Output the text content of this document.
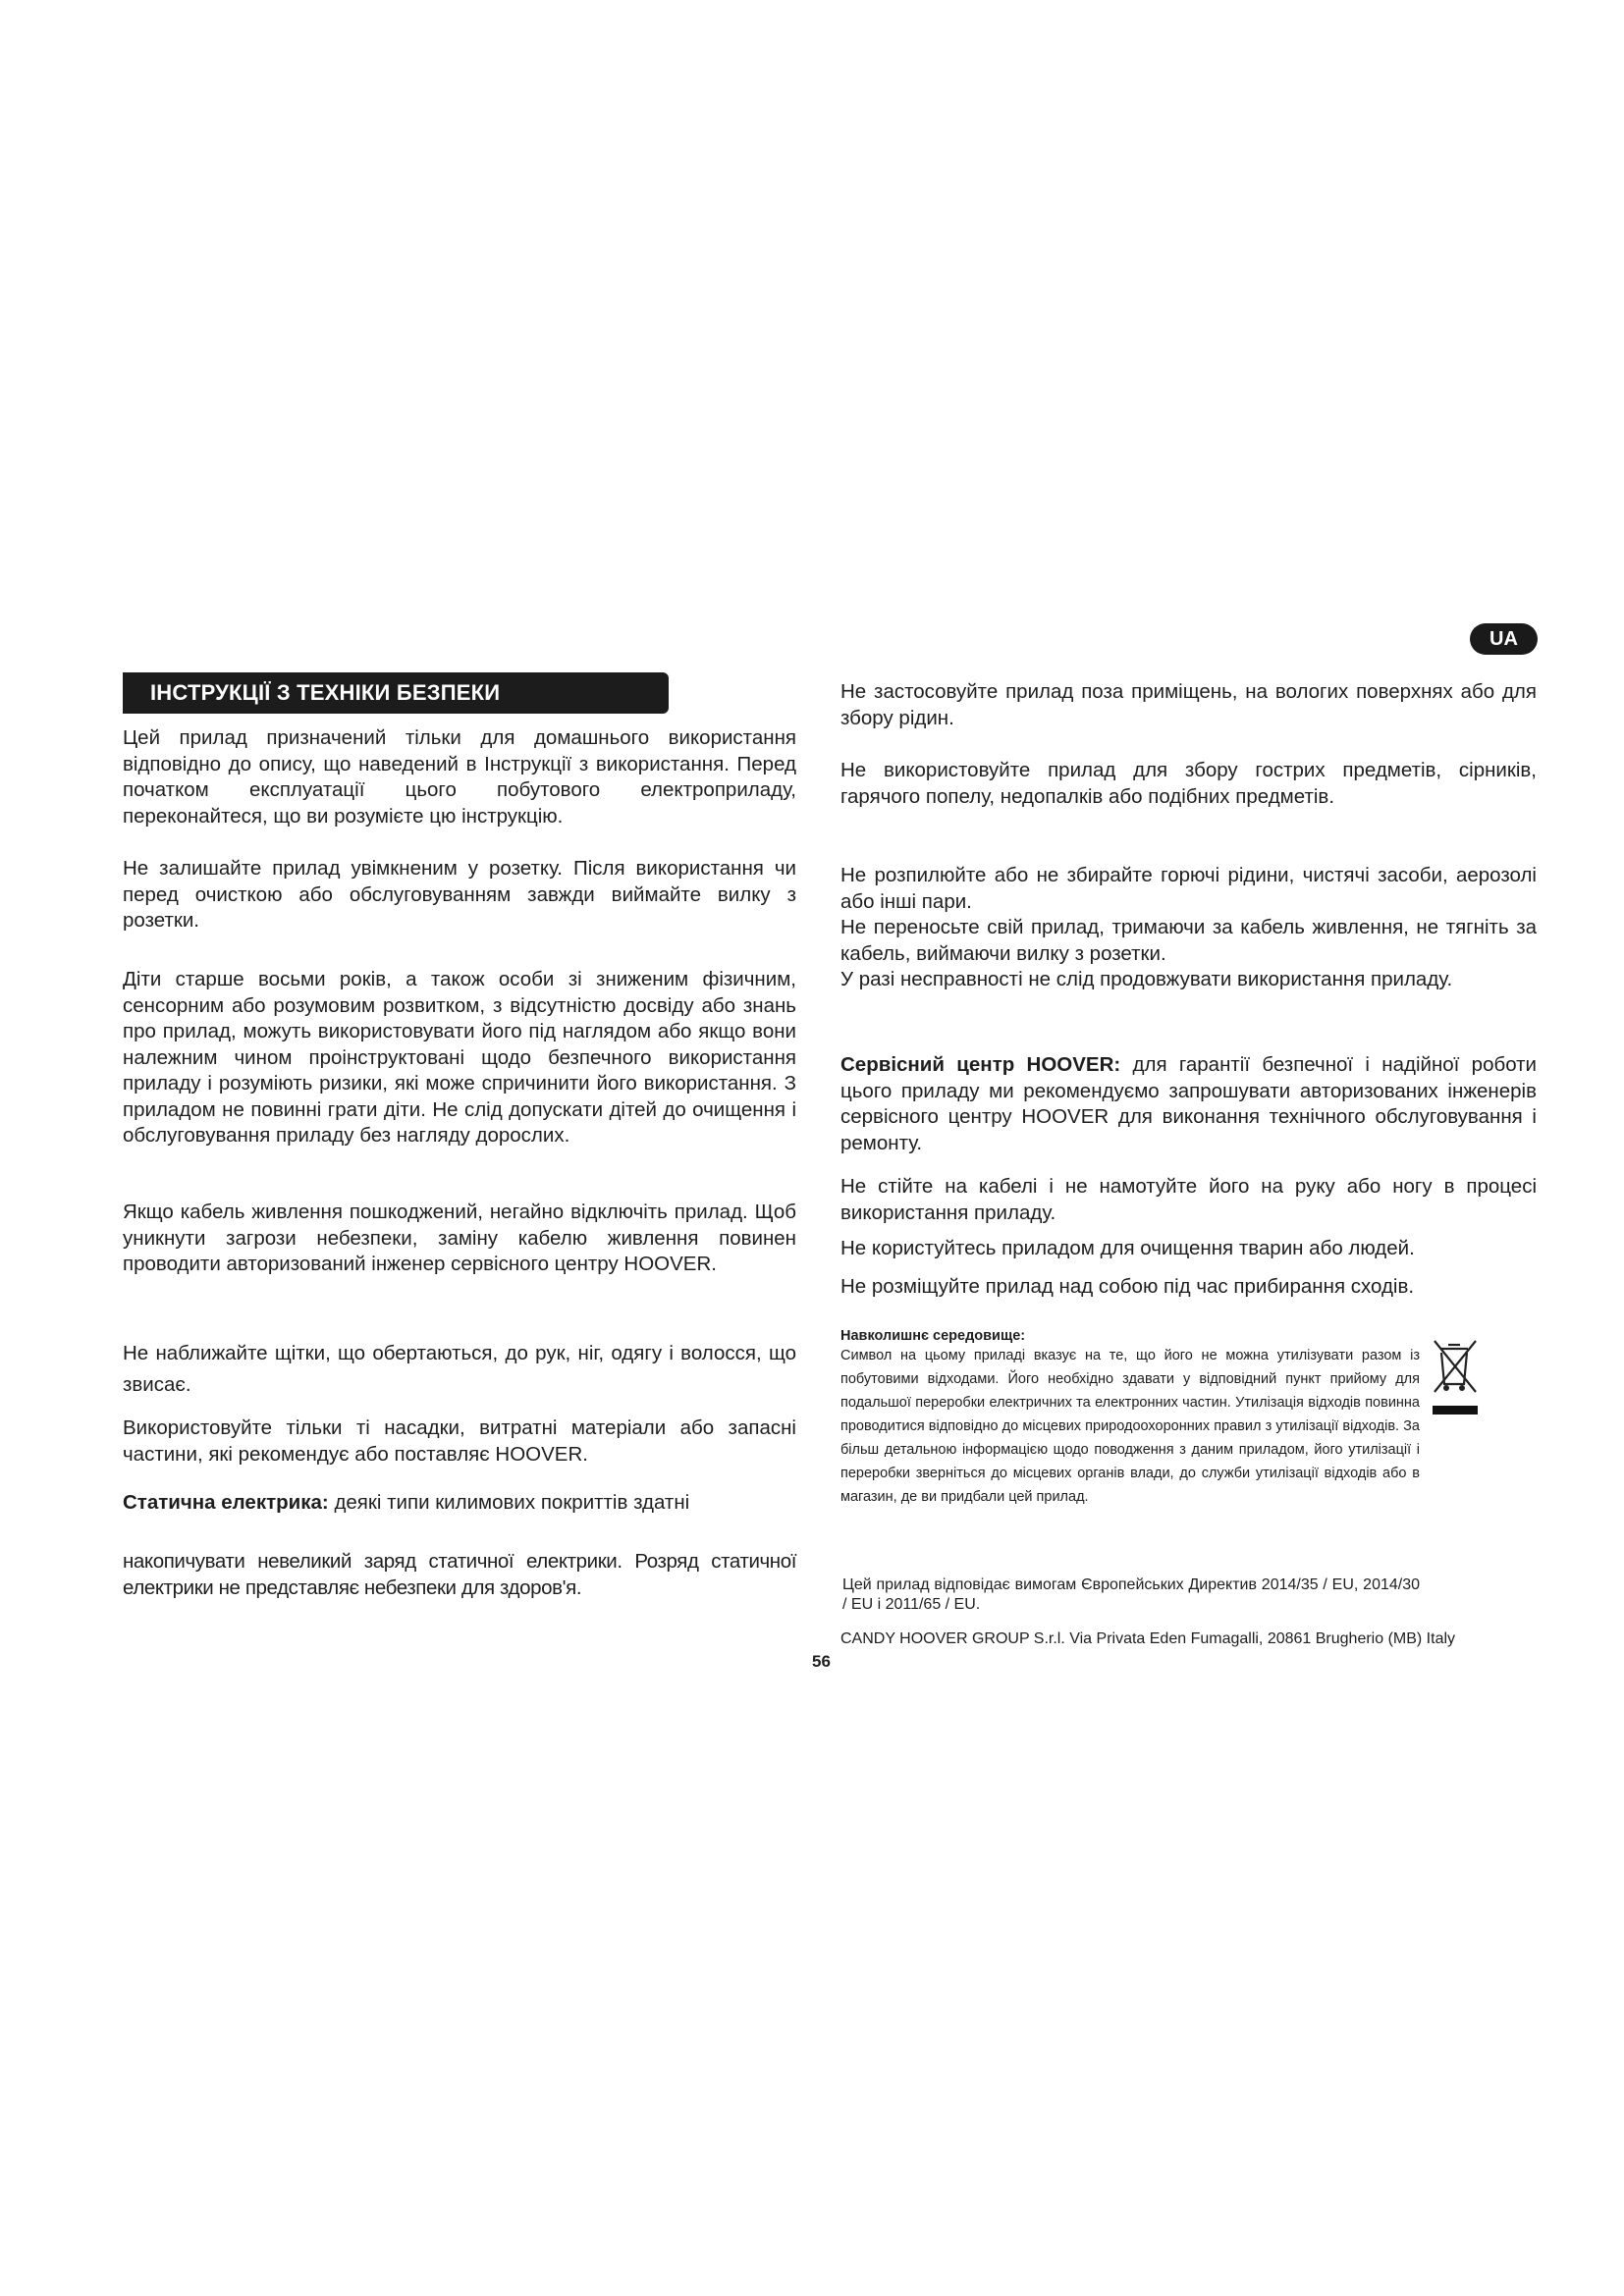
UA
ІНСТРУКЦІЇ З ТЕХНІКИ БЕЗПЕКИ

Цей прилад призначений тільки для домашнього використання відповідно до опису, що наведений в Інструкції з використання. Перед початком експлуатації цього побутового електроприладу, переконайтеся, що ви розумієте цю інструкцію.

Не залишайте прилад увімкненим у розетку. Після використання чи перед очисткою або обслуговуванням завжди виймайте вилку з розетки.

Діти старше восьми років, а також особи зі зниженим фізичним, сенсорним або розумовим розвитком, з відсутністю досвіду або знань про прилад, можуть використовувати його під наглядом або якщо вони належним чином проінструктовані щодо безпечного використання приладу і розуміють ризики, які може спричинити його використання. З приладом не повинні грати діти. Не слід допускати дітей до очищення і обслуговування приладу без нагляду дорослих.

Якщо кабель живлення пошкоджений, негайно відключіть прилад. Щоб уникнути загрози небезпеки, заміну кабелю живлення повинен проводити авторизований інженер сервісного центру HOOVER.

Не наближайте щітки, що обертаються, до рук, ніг, одягу і волосся, що звисає.

Використовуйте тільки ті насадки, витратні матеріали або запасні частини, які рекомендує або поставляє HOOVER.

Статична електрика: деякі типи килимових покриттів здатні

накопичувати невеликий заряд статичної електрики. Розряд статичної електрики не представляє небезпеки для здоров'я.

Не застосовуйте прилад поза приміщень, на вологих поверхнях або для збору рідин.

Не використовуйте прилад для збору гострих предметів, сірників, гарячого попелу, недопалків або подібних предметів.

Не розпилюйте або не збирайте горючі рідини, чистячі засоби, аерозолі або інші пари.

Не переносьте свій прилад, тримаючи за кабель живлення, не тягніть за кабель, виймаючи вилку з розетки.

У разі несправності не слід продовжувати використання приладу.

Сервісний центр HOOVER: для гарантії безпечної і надійної роботи цього приладу ми рекомендуємо запрошувати авторизованих інженерів сервісного центру HOOVER для виконання технічного обслуговування і ремонту.

Не стійте на кабелі і не намотуйте його на руку або ногу в процесі використання приладу.

Не користуйтесь приладом для очищення тварин або людей.

Не розміщуйте прилад над собою під час прибирання сходів.

Навколишнє середовище:
Символ на цьому приладі вказує на те, що його не можна утилізувати разом із побутовими відходами. Його необхідно здавати у відповідний пункт прийому для подальшої переробки електричних та електронних частин. Утилізація відходів повинна проводитися відповідно до місцевих природоохоронних правил з утилізації відходів. За більш детальною інформацією щодо поводження з даним приладом, його утилізації і переробки зверніться до місцевих органів влади, до служби утилізації відходів або в магазин, де ви придбали цей прилад.

Цей прилад відповідає вимогам Європейських Директив 2014/35 / EU, 2014/30 / EU і 2011/65 / EU.

CANDY HOOVER GROUP S.r.l. Via Privata Eden Fumagalli, 20861 Brugherio (MB) Italy

56
